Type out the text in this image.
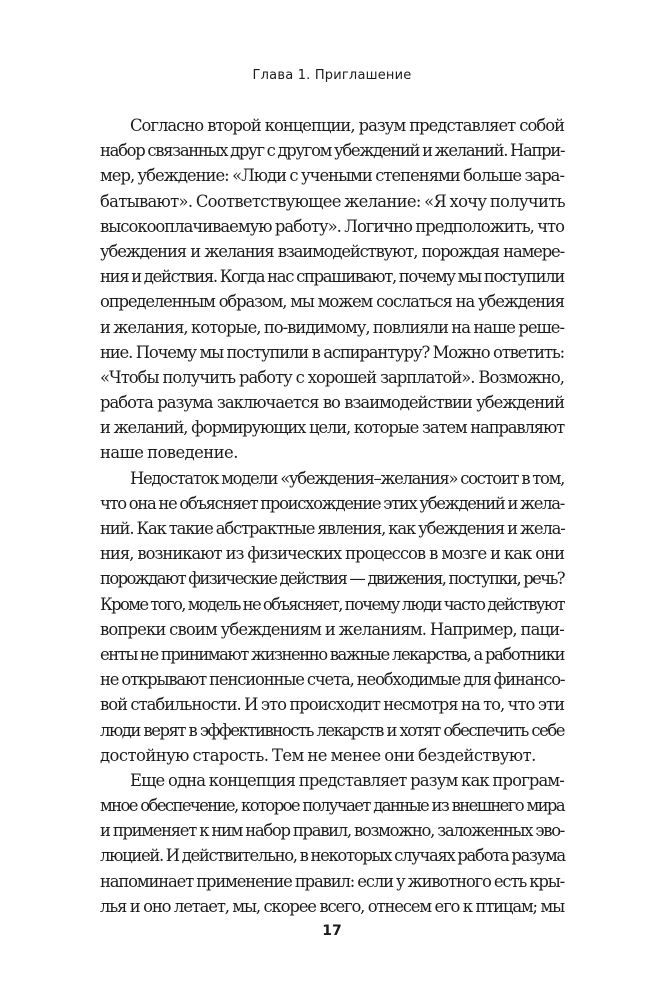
Глава 1. Приглашение
Согласно второй концепции, разум представляет собой
набор связанных друг с другом убеждений и желаний. Напри-
мер, убеждение: «Люди с учеными степенями больше зара-
батывают». Соответствующее желание: «Я хочу получить
высокооплачиваемую работу». Логично предположить, что
убеждения и желания взаимодействуют, порождая намере-
ния и действия. Когда нас спрашивают, почему мы поступили
определенным образом, мы можем сослаться на убеждения
и желания, которые, по-видимому, повлияли на наше реше-
ние. Почему мы поступили в аспирантуру? Можно ответить:
«Чтобы получить работу с хорошей зарплатой». Возможно,
работа разума заключается во взаимодействии убеждений
и желаний, формирующих цели, которые затем направляют
наше поведение.
Недостаток модели «убеждения–желания» состоит в том,
что она не объясняет происхождение этих убеждений и жела-
ний. Как такие абстрактные явления, как убеждения и жела-
ния, возникают из физических процессов в мозге и как они
порождают физические действия — движения, поступки, речь?
Кроме того, модель не объясняет, почему люди часто действуют
вопреки своим убеждениям и желаниям. Например, паци-
енты не принимают жизненно важные лекарства, а работники
не открывают пенсионные счета, необходимые для финансо-
вой стабильности. И это происходит несмотря на то, что эти
люди верят в эффективность лекарств и хотят обеспечить себе
достойную старость. Тем не менее они бездействуют.
Еще одна концепция представляет разум как програм-
мное обеспечение, которое получает данные из внешнего мира
и применяет к ним набор правил, возможно, заложенных эво-
люцией. И действительно, в некоторых случаях работа разума
напоминает применение правил: если у животного есть кры-
лья и оно летает, мы, скорее всего, отнесем его к птицам; мы
17
